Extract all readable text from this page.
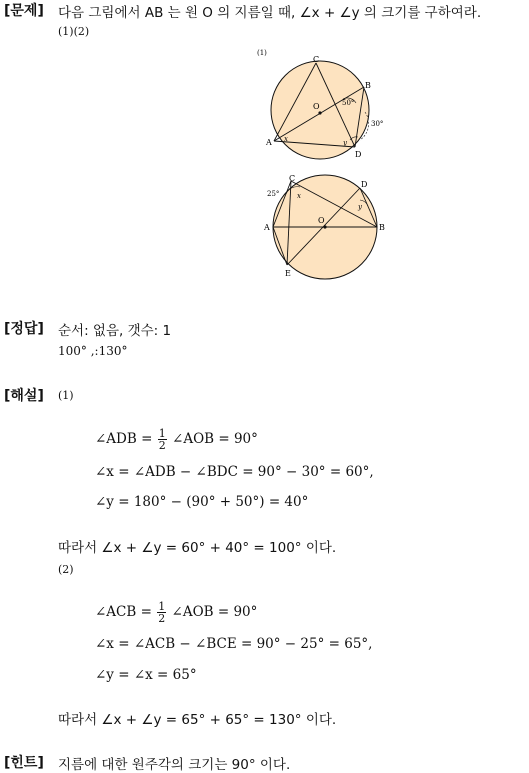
[문제] 다음 그림에서 AB 는 원 O 의 지름일 때, ∠x + ∠y 의 크기를 구하여라.
(1)(2)
(1)
C
B
A
D
O	50°
30°
x	y
C
D
A	B
O
E
25°	x
y
[정답] 순서: 없음, 갯수: 1
100° ,:130°
[해설] (1)
∠ADB = $\frac{1}{2}$ ∠AOB = 90°
∠x = ∠ADB − ∠BDC = 90° − 30° = 60°,
∠y = 180° − (90° + 50°) = 40°
따라서 ∠x + ∠y = 60° + 40° = 100° 이다.
(2)
∠ACB = $\frac{1}{2}$ ∠AOB = 90°
∠x = ∠ACB − ∠BCE = 90° − 25° = 65°,
∠y = ∠x = 65°
따라서 ∠x + ∠y = 65° + 65° = 130° 이다.
[힌트] 지름에 대한 원주각의 크기는 90° 이다.
